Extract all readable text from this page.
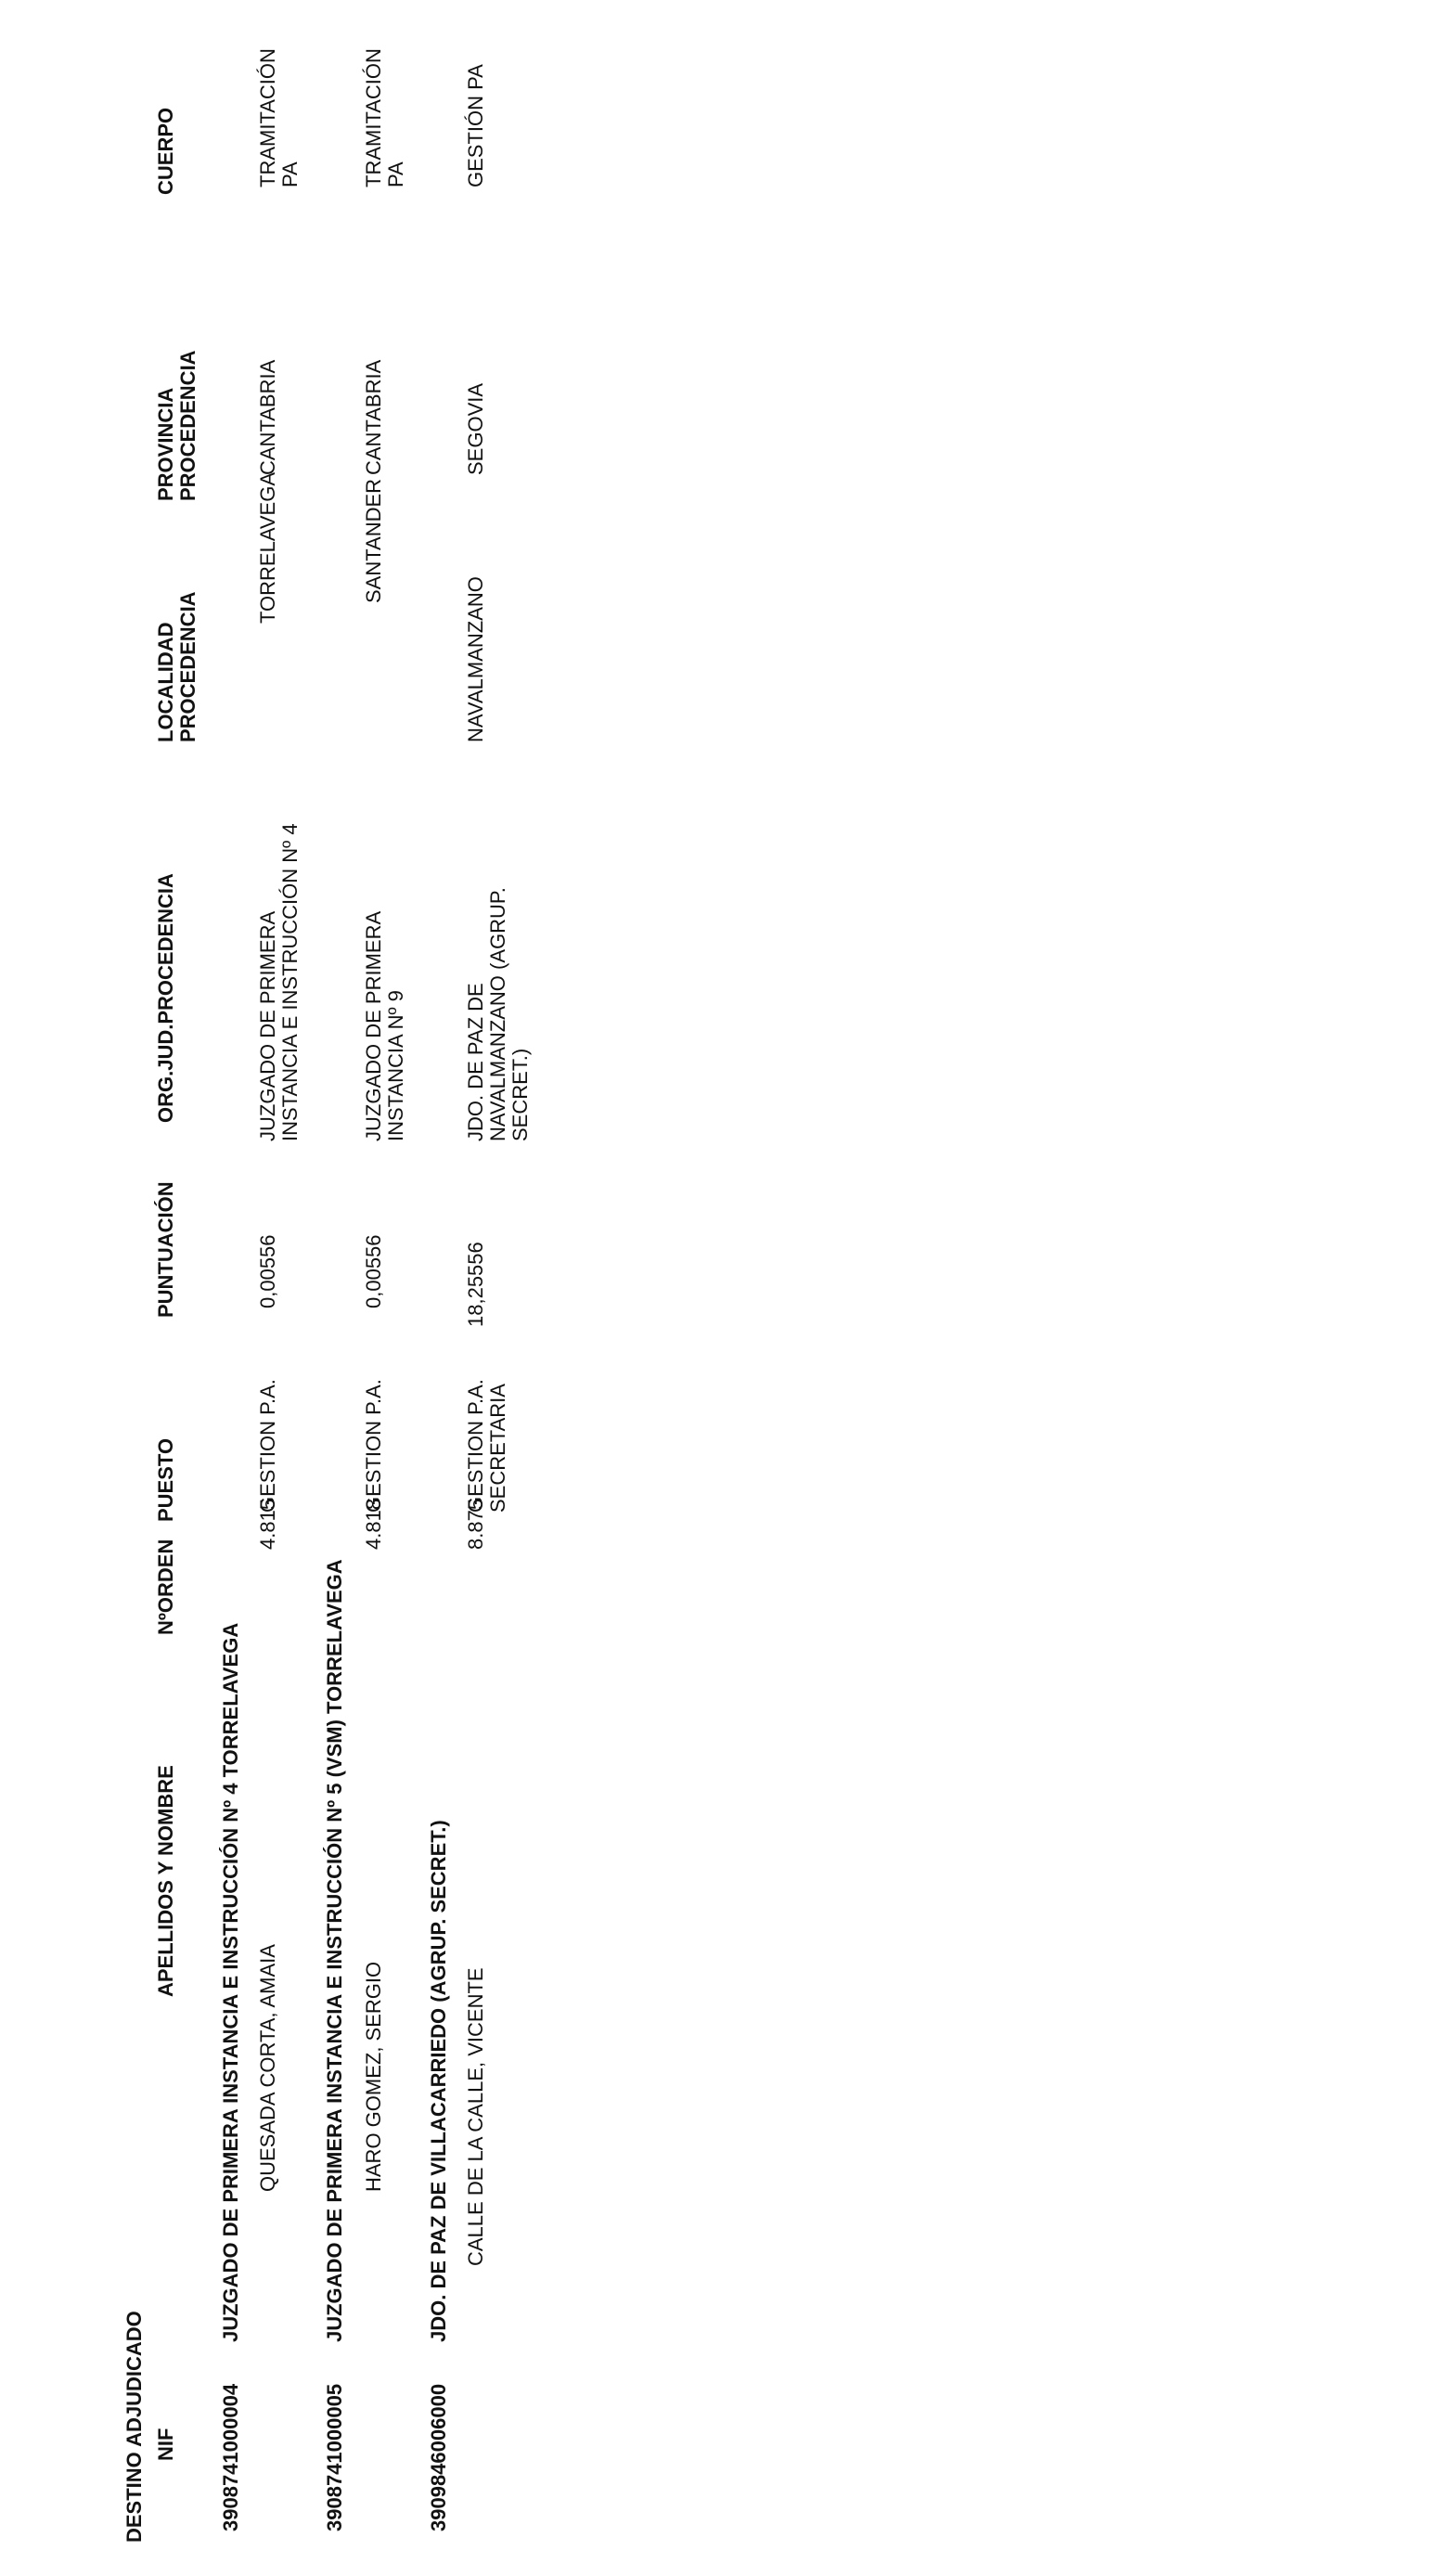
DESTINO ADJUDICADO NIF

APELLIDOS Y NOMBRE

NºORDEN

PUESTO

PUNTUACIÓN

ORG.JUD.PROCEDENCIA

LOCALIDAD PROCEDENCIA

PROVINCIA PROCEDENCIA

CUERPO

390874100000​4

JUZGADO DE PRIMERA INSTANCIA E INSTRUCCIÓN Nº 4 TORRELAVEGA QUESADA CORTA, AMAIA

4.815

GESTION P.A.

0,00556

JUZGADO DE PRIMERA INSTANCIA E INSTRUCCIÓN Nº 4

TORRELAVEGA

CANTABRIA

TRAMITACIÓN PA

3908741000005

JUZGADO DE PRIMERA INSTANCIA E INSTRUCCIÓN Nº 5 (VSM) TORRELAVEGA HARO GOMEZ, SERGIO

4.818

GESTION P.A.

0,00556

JUZGADO DE PRIMERA INSTANCIA Nº 9

SANTANDER

CANTABRIA

TRAMITACIÓN PA

3909846006000

JDO. DE PAZ DE VILLACARRIEDO (AGRUP. SECRET.) CALLE DE LA CALLE, VICENTE

8.875

GESTION P.A. SECRETARIA

18,25556

JDO. DE PAZ DE NAVALMANZANO (AGRUP. SECRET.)

NAVALMANZANO

SEGOVIA

GESTIÓN PA
